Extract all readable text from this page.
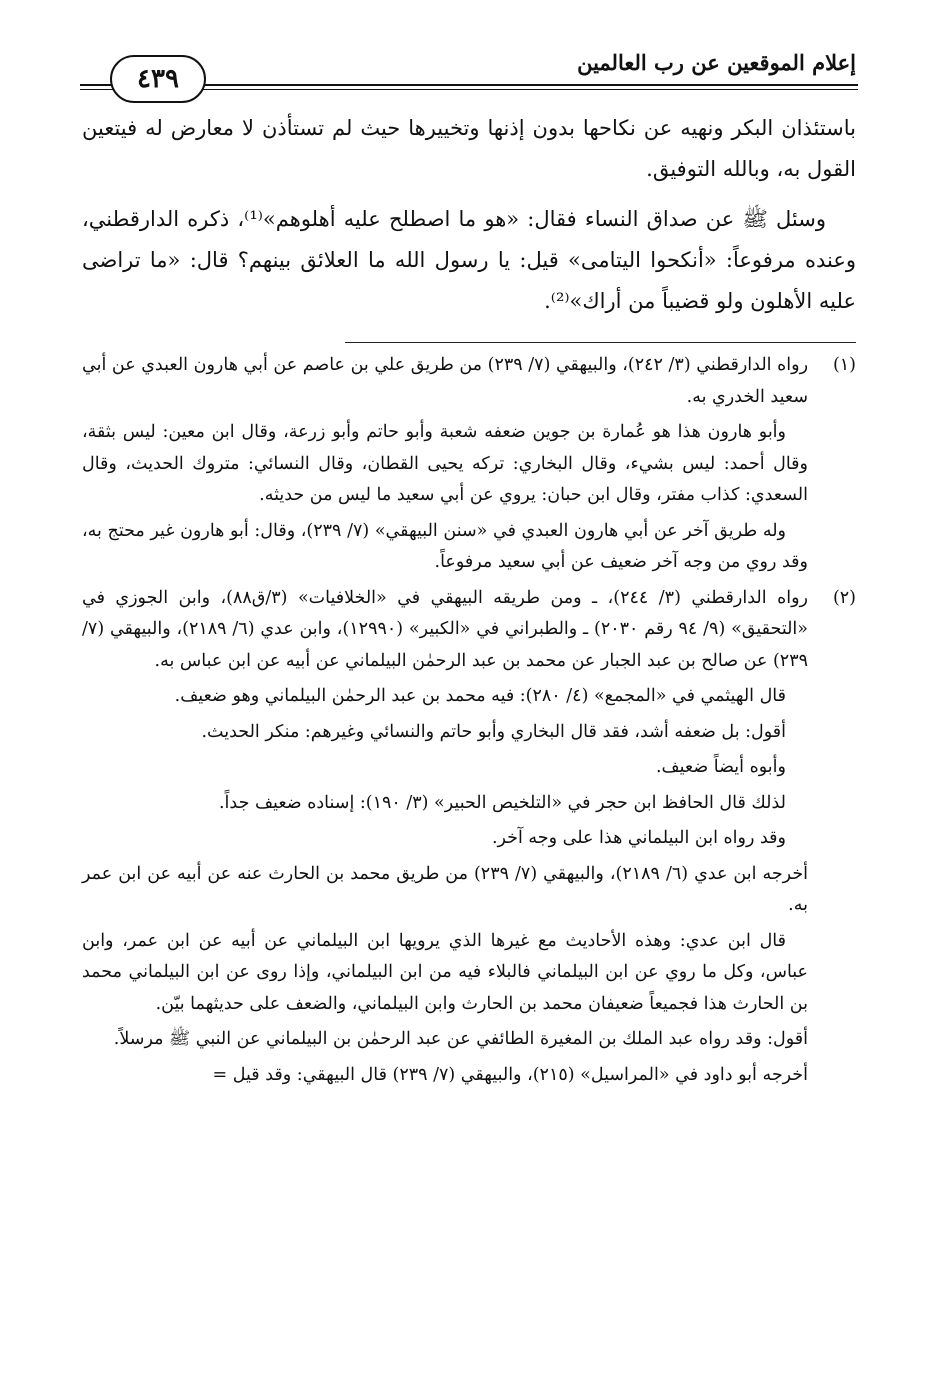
إعلام الموقعين عن رب العالمين
٤٣٩

باستئذان البكر ونهيه عن نكاحها بدون إذنها وتخييرها حيث لم تستأذن لا معارض له فيتعين القول به، وبالله التوفيق.

وسئل ﷺ عن صداق النساء فقال: «هو ما اصطلح عليه أهلوهم»⁽¹⁾، ذكره الدارقطني، وعنده مرفوعاً: «أنكحوا اليتامى» قيل: يا رسول الله ما العلائق بينهم؟ قال: «ما تراضى عليه الأهلون ولو قضيباً من أراك»⁽²⁾.

(١)

رواه الدارقطني (٣/ ٢٤٢)، والبيهقي (٧/ ٢٣٩) من طريق علي بن عاصم عن أبي هارون العبدي عن أبي سعيد الخدري به.

وأبو هارون هذا هو عُمارة بن جوين ضعفه شعبة وأبو حاتم وأبو زرعة، وقال ابن معين: ليس بثقة، وقال أحمد: ليس بشيء، وقال البخاري: تركه يحيى القطان، وقال النسائي: متروك الحديث، وقال السعدي: كذاب مفتر، وقال ابن حبان: يروي عن أبي سعيد ما ليس من حديثه.

وله طريق آخر عن أبي هارون العبدي في «سنن البيهقي» (٧/ ٢٣٩)، وقال: أبو هارون غير محتج به، وقد روي من وجه آخر ضعيف عن أبي سعيد مرفوعاً.

(٢)

رواه الدارقطني (٣/ ٢٤٤)، ـ ومن طريقه البيهقي في «الخلافيات» (٣/ق٨٨)، وابن الجوزي في «التحقيق» (٩/ ٩٤ رقم ٢٠٣٠) ـ والطبراني في «الكبير» (١٢٩٩٠)، وابن عدي (٦/ ٢١٨٩)، والبيهقي (٧/ ٢٣٩) عن صالح بن عبد الجبار عن محمد بن عبد الرحمٰن البيلماني عن أبيه عن ابن عباس به.

قال الهيثمي في «المجمع» (٤/ ٢٨٠): فيه محمد بن عبد الرحمٰن البيلماني وهو ضعيف.

أقول: بل ضعفه أشد، فقد قال البخاري وأبو حاتم والنسائي وغيرهم: منكر الحديث.

وأبوه أيضاً ضعيف.

لذلك قال الحافظ ابن حجر في «التلخيص الحبير» (٣/ ١٩٠): إسناده ضعيف جداً.

وقد رواه ابن البيلماني هذا على وجه آخر.

أخرجه ابن عدي (٦/ ٢١٨٩)، والبيهقي (٧/ ٢٣٩) من طريق محمد بن الحارث عنه عن أبيه عن ابن عمر به.

قال ابن عدي: وهذه الأحاديث مع غيرها الذي يرويها ابن البيلماني عن أبيه عن ابن عمر، وابن عباس، وكل ما روي عن ابن البيلماني فالبلاء فيه من ابن البيلماني، وإذا روى عن ابن البيلماني محمد بن الحارث هذا فجميعاً ضعيفان محمد بن الحارث وابن البيلماني، والضعف على حديثهما بيّن.

أقول: وقد رواه عبد الملك بن المغيرة الطائفي عن عبد الرحمٰن بن البيلماني عن النبي ﷺ مرسلاً.

أخرجه أبو داود في «المراسيل» (٢١٥)، والبيهقي (٧/ ٢٣٩) قال البيهقي: وقد قيل =
